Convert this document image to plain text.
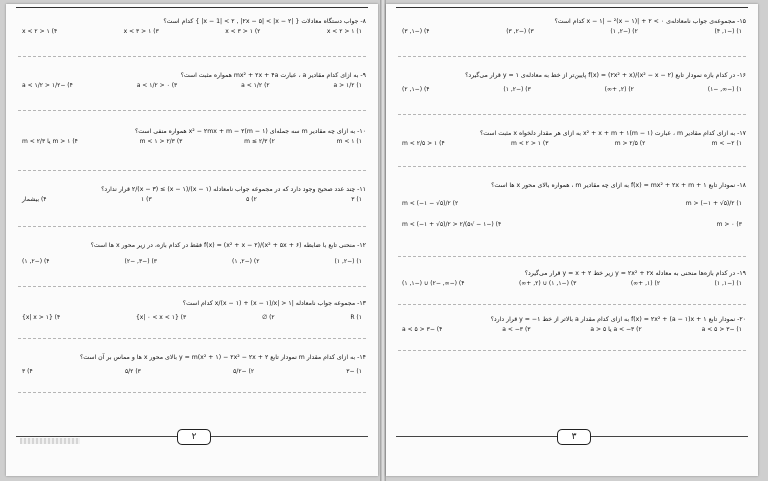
۸- جواب دستگاه معادلات { |x − 1| < ۲ , |۲x − ۵| < |x − ۲| } کدام است؟
۱) ۱ < x < ۲
۲) ۱ < x < ۳
۳) ۱ < x < ۳
۴) ۱ < x < ۲
۹- به ازای کدام مقادیر a ، عبارت mx² + ۲x + ۴a همواره مثبت است؟
۱) a > ۱/۲
۲) a < ۱/۲
۳) ۰ < a < ۱/۲
۴) −۱/۲ < a < ۱/۲
۱۰- به ازای چه مقادیر m سه جمله‌ای (m − ۱)x² − ۲mx + m − ۲ همواره منفی است؟
۱) m < ۱
۲) m ≤ ۲/۳
۳) ۲/۳ < m < ۱
۴) m > ۱ یا m < ۲/۳
۱۱- چند عدد صحیح وجود دارد که در مجموعه جواب نامعادله (۱ − x)/(x − ۱) ≥ ۲/(x − ۳) قرار ندارد؟
۱) ۳
۲) ۵
۳) ۱
۴) بیشمار
۱۲- منحنی تابع با ضابطه f(x) = (x² + x − ۲)/(x² + ۵x + ۶) فقط در کدام بازه، در زیر محور x ها است؟
۱) (−۲, ۱)
۲) (−۲, ۱)
۳) (−۳, −۲)
۴) (−۲, ۱)
۱۳- مجموعه جواب نامعادله |x/(x − ۱) + (x − ۱)/x| > ۱ کدام است؟
۱) R
۲) ∅
۳) {x| ۰ < x < ۱}
۴) {x| x > ۱}
۱۴- به ازای کدام مقدار m نمودار تابع y = m(x² + ۱) − ۲x² − ۲x + ۲ بالای محور x ها و مماس بر آن است؟
۱) −۳
۲) −۵/۲
۳) ۵/۲
۴) ۳
۲
۱۵- مجموعه‌ی جواب نامعادله‌ی ۰ > ۲ + |x − ۱| − ²(x − ۱) کدام است؟
۱) (−۱, ۴)
۲) (−۲, ۱)
۳) (−۲, ۳)
۴) (−۱, ۳)
۱۶- در کدام بازه نمودار تابع f(x) = (۲x² + x)/(x² − x − ۲) پایین‌تر از خط به معادله‌ی y = ۱ قرار می‌گیرد؟
۱) (−∞, −۱)
۲) (۲, +∞)
۳) (−۲, ۱)
۴) (−۱, ۲)
۱۷- به ازای کدام مقادیر m ، عبارت (m − ۱)x² + x + m + ۱ به ازای هر مقدار دلخواه x مثبت است؟
۱) m < −۲
۲) m > ۲/۵
۳) ۱ < m < ۲
۴) ۱ < m < ۲/۵
۱۸- نمودار تابع f(x) = mx² + ۲x + m + ۱ به ازای چه مقادیر m ، همواره بالای محور x ها است؟
۱) m > (−۱ + √۵)/۲
۲) m < (−۱ − √۵)/۲
۳) m > ۰
۴) (−۱ − √۵)/۲ < m < (−۱ + √۵)/۲
۱۹- در کدام بازه‌ها منحنی به معادله y = ۲x² + ۲x زیر خط y = x + ۲ قرار می‌گیرد؟
۱) (−۱, ۱)
۲) (۱, +∞)
۳) (−۱, ۱) ∪ (۲, +∞)
۴) (−∞, −۲) ∪ (−۱, ۱)
۲۰- نمودار تابع f(x) = ۲x² + (a − ۱)x + ۱ به ازای کدام مقدار a بالاتر از خط y = −۱ قرار دارد؟
۱) −۳ < a < ۵
۲) a < −۳ یا a > ۵
۳) a < −۳
۴) −۳ < a < ۵
۳
